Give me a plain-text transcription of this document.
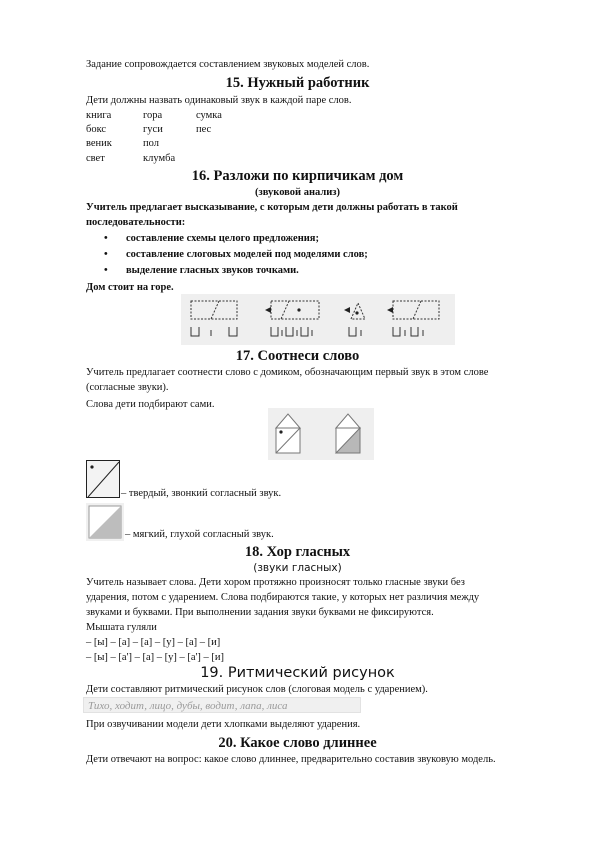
Задание сопровождается составлением звуковых моделей слов.
15. Нужный работник
Дети должны назвать одинаковый звук в каждой паре слов.
книга	гора	сумка
бокс	гуси	пес
веник	пол
свет	клумба
16. Разложи по кирпичикам дом
(звуковой анализ)
Учитель предлагает высказывание, с которым дети должны работать в такой
последовательности:
• составление схемы целого предложения;
• составление слоговых моделей под моделями слов;
• выделение гласных звуков точками.
Дом стоит на горе.
17. Соотнеси слово
Учитель предлагает соотнести слово с домиком, обозначающим первый звук в этом слове
(согласные звуки).
Слова дети подбирают сами.
– твердый, звонкий согласный звук.
– мягкий, глухой согласный звук.
18. Хор гласных
(звуки гласных)
Учитель называет слова. Дети хором протяжно произносят только гласные звуки без
ударения, потом с ударением. Слова подбираются такие, у которых нет различия между
звуками и буквами. При выполнении задания звуки буквами не фиксируются.
Мышата гуляли
– [ы] – [а] – [а] – [у] – [а] – [и]
– [ы] – [а'] – [а] – [у] – [а'] – [и]
19. Ритмический рисунок
Дети составляют ритмический рисунок слов (слоговая модель с ударением).
Тихо, ходит, лицо, дубы, водит, лапа, лиса
При озвучивании модели дети хлопками выделяют ударения.
20. Какое слово длиннее
Дети отвечают на вопрос: какое слово длиннее, предварительно составив звуковую модель.
